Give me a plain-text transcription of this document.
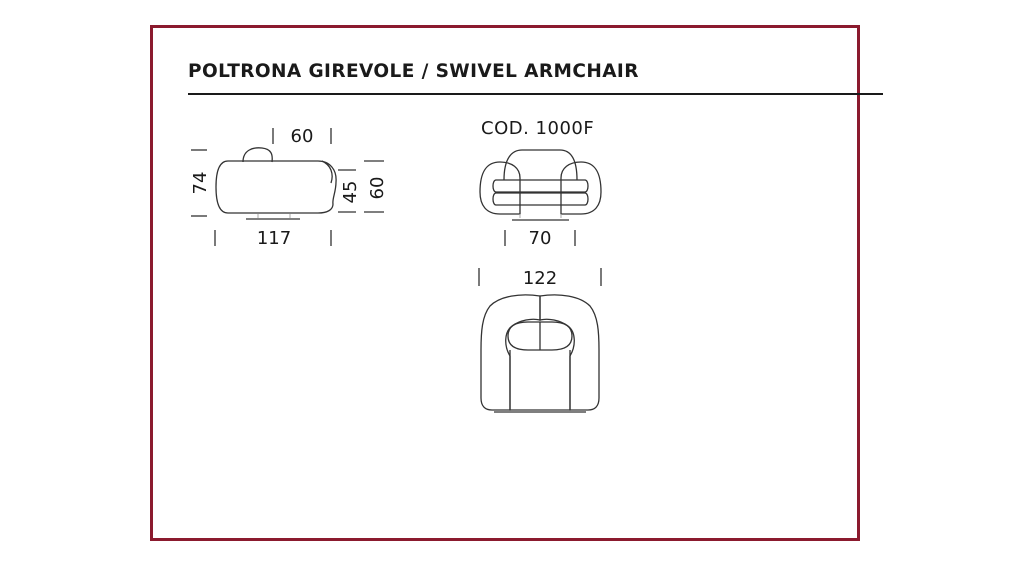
POLTRONA GIREVOLE / SWIVEL ARMCHAIR
COD. 1000F
60
74	45 60
117	70
122
